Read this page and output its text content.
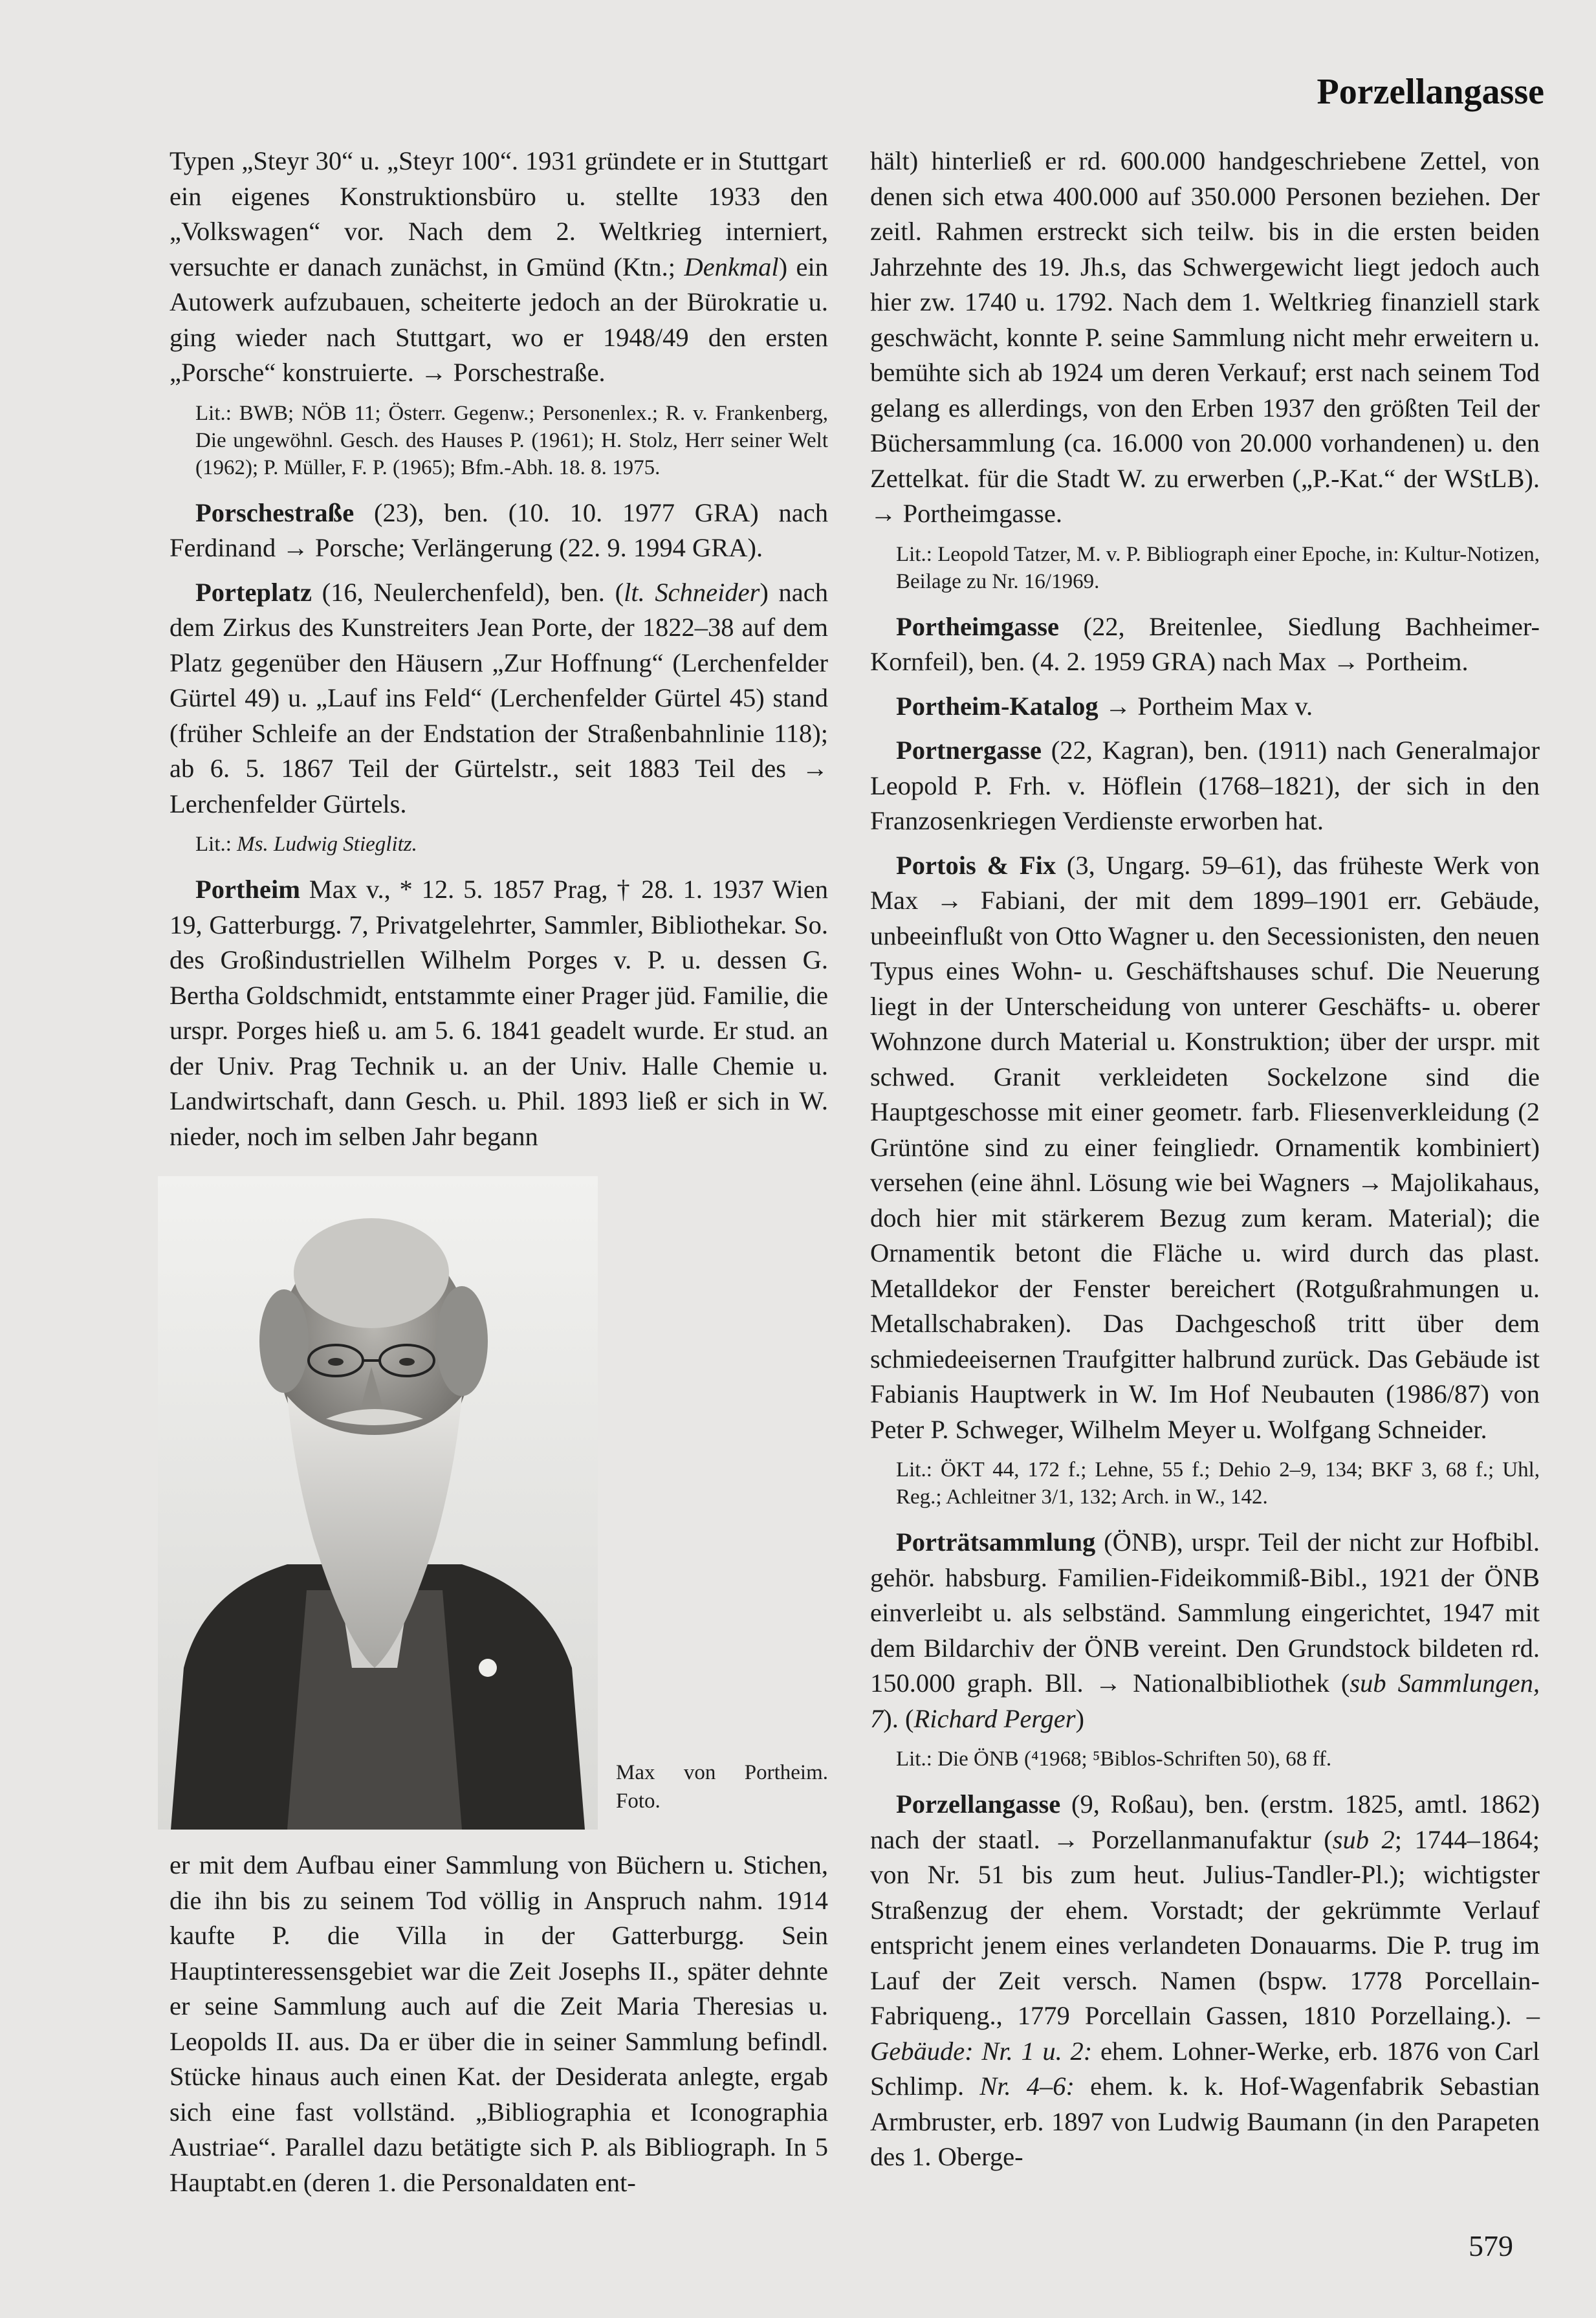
Porzellangasse

Typen „Steyr 30“ u. „Steyr 100“. 1931 gründete er in Stuttgart ein eigenes Konstruktionsbüro u. stellte 1933 den „Volkswagen“ vor. Nach dem 2. Weltkrieg interniert, versuchte er danach zunächst, in Gmünd (Ktn.; Denkmal) ein Autowerk aufzubauen, scheiterte jedoch an der Bürokratie u. ging wieder nach Stuttgart, wo er 1948/49 den ersten „Porsche“ konstruierte. → Porschestraße.

Lit.: BWB; NÖB 11; Österr. Gegenw.; Personenlex.; R. v. Frankenberg, Die ungewöhnl. Gesch. des Hauses P. (1961); H. Stolz, Herr seiner Welt (1962); P. Müller, F. P. (1965); Bfm.-Abh. 18. 8. 1975.

Porschestraße (23), ben. (10. 10. 1977 GRA) nach Ferdinand → Porsche; Verlängerung (22. 9. 1994 GRA).

Porteplatz (16, Neulerchenfeld), ben. (lt. Schneider) nach dem Zirkus des Kunstreiters Jean Porte, der 1822–38 auf dem Platz gegenüber den Häusern „Zur Hoffnung“ (Lerchenfelder Gürtel 49) u. „Lauf ins Feld“ (Lerchenfelder Gürtel 45) stand (früher Schleife an der Endstation der Straßenbahnlinie 118); ab 6. 5. 1867 Teil der Gürtelstr., seit 1883 Teil des → Lerchenfelder Gürtels.

Lit.: Ms. Ludwig Stieglitz.

Portheim Max v., * 12. 5. 1857 Prag, † 28. 1. 1937 Wien 19, Gatterburgg. 7, Privatgelehrter, Sammler, Bibliothekar. So. des Großindustriellen Wilhelm Porges v. P. u. dessen G. Bertha Goldschmidt, entstammte einer Prager jüd. Familie, die urspr. Porges hieß u. am 5. 6. 1841 geadelt wurde. Er stud. an der Univ. Prag Technik u. an der Univ. Halle Chemie u. Landwirtschaft, dann Gesch. u. Phil. 1893 ließ er sich in W. nieder, noch im selben Jahr begann

Max von Portheim. Foto.

er mit dem Aufbau einer Sammlung von Büchern u. Stichen, die ihn bis zu seinem Tod völlig in Anspruch nahm. 1914 kaufte P. die Villa in der Gatterburgg. Sein Hauptinteressensgebiet war die Zeit Josephs II., später dehnte er seine Sammlung auch auf die Zeit Maria Theresias u. Leopolds II. aus. Da er über die in seiner Sammlung befindl. Stücke hinaus auch einen Kat. der Desiderata anlegte, ergab sich eine fast vollständ. „Bibliographia et Iconographia Austriae“. Parallel dazu betätigte sich P. als Bibliograph. In 5 Hauptabt.en (deren 1. die Personaldaten ent-

hält) hinterließ er rd. 600.000 handgeschriebene Zettel, von denen sich etwa 400.000 auf 350.000 Personen beziehen. Der zeitl. Rahmen erstreckt sich teilw. bis in die ersten beiden Jahrzehnte des 19. Jh.s, das Schwergewicht liegt jedoch auch hier zw. 1740 u. 1792. Nach dem 1. Weltkrieg finanziell stark geschwächt, konnte P. seine Sammlung nicht mehr erweitern u. bemühte sich ab 1924 um deren Verkauf; erst nach seinem Tod gelang es allerdings, von den Erben 1937 den größten Teil der Büchersammlung (ca. 16.000 von 20.000 vorhandenen) u. den Zettelkat. für die Stadt W. zu erwerben („P.-Kat.“ der WStLB). → Portheimgasse.

Lit.: Leopold Tatzer, M. v. P. Bibliograph einer Epoche, in: Kultur-Notizen, Beilage zu Nr. 16/1969.

Portheimgasse (22, Breitenlee, Siedlung Bachheimer-Kornfeil), ben. (4. 2. 1959 GRA) nach Max → Portheim.

Portheim-Katalog → Portheim Max v.

Portnergasse (22, Kagran), ben. (1911) nach Generalmajor Leopold P. Frh. v. Höflein (1768–1821), der sich in den Franzosenkriegen Verdienste erworben hat.

Portois & Fix (3, Ungarg. 59–61), das früheste Werk von Max → Fabiani, der mit dem 1899–1901 err. Gebäude, unbeeinflußt von Otto Wagner u. den Secessionisten, den neuen Typus eines Wohn- u. Geschäftshauses schuf. Die Neuerung liegt in der Unterscheidung von unterer Geschäfts- u. oberer Wohnzone durch Material u. Konstruktion; über der urspr. mit schwed. Granit verkleideten Sockelzone sind die Hauptgeschosse mit einer geometr. farb. Fliesenverkleidung (2 Grüntöne sind zu einer feingliedr. Ornamentik kombiniert) versehen (eine ähnl. Lösung wie bei Wagners → Majolikahaus, doch hier mit stärkerem Bezug zum keram. Material); die Ornamentik betont die Fläche u. wird durch das plast. Metalldekor der Fenster bereichert (Rotgußrahmungen u. Metallschabraken). Das Dachgeschoß tritt über dem schmiedeeisernen Traufgitter halbrund zurück. Das Gebäude ist Fabianis Hauptwerk in W. Im Hof Neubauten (1986/87) von Peter P. Schweger, Wilhelm Meyer u. Wolfgang Schneider.

Lit.: ÖKT 44, 172 f.; Lehne, 55 f.; Dehio 2–9, 134; BKF 3, 68 f.; Uhl, Reg.; Achleitner 3/1, 132; Arch. in W., 142.

Porträtsammlung (ÖNB), urspr. Teil der nicht zur Hofbibl. gehör. habsburg. Familien-Fideikommiß-Bibl., 1921 der ÖNB einverleibt u. als selbständ. Sammlung eingerichtet, 1947 mit dem Bildarchiv der ÖNB vereint. Den Grundstock bildeten rd. 150.000 graph. Bll. → Nationalbibliothek (sub Sammlungen, 7). (Richard Perger)

Lit.: Die ÖNB (⁴1968; ⁵Biblos-Schriften 50), 68 ff.

Porzellangasse (9, Roßau), ben. (erstm. 1825, amtl. 1862) nach der staatl. → Porzellanmanufaktur (sub 2; 1744–1864; von Nr. 51 bis zum heut. Julius-Tandler-Pl.); wichtigster Straßenzug der ehem. Vorstadt; der gekrümmte Verlauf entspricht jenem eines verlandeten Donauarms. Die P. trug im Lauf der Zeit versch. Namen (bspw. 1778 Porcellain-Fabriqueng., 1779 Porcellain Gassen, 1810 Porzellaing.). – Gebäude: Nr. 1 u. 2: ehem. Lohner-Werke, erb. 1876 von Carl Schlimp. Nr. 4–6: ehem. k. k. Hof-Wagenfabrik Sebastian Armbruster, erb. 1897 von Ludwig Baumann (in den Parapeten des 1. Oberge-

579
